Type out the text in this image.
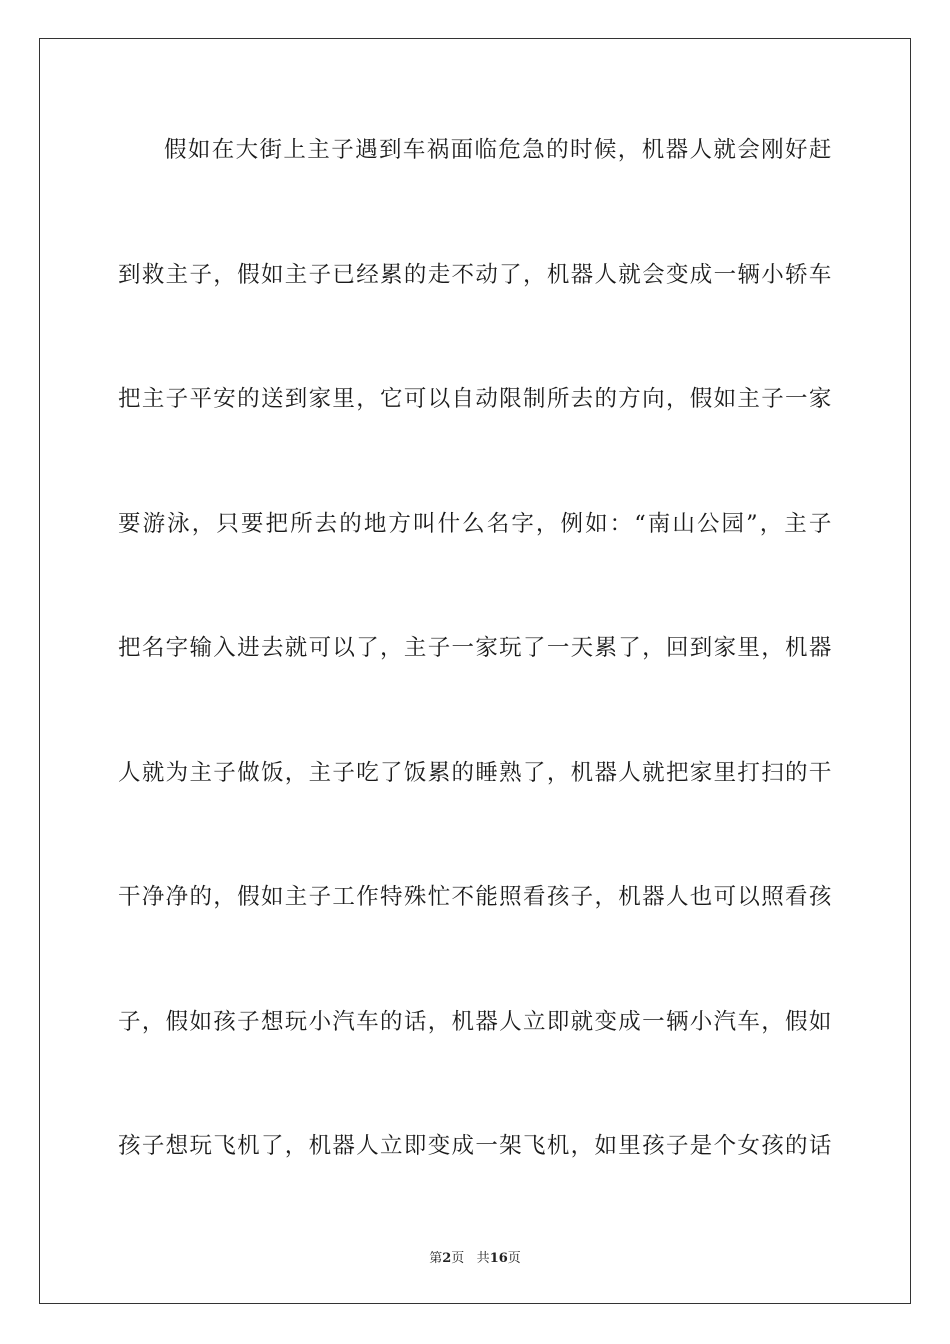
假如在大街上主子遇到车祸面临危急的时候，机器人就会刚好赶
到救主子，假如主子已经累的走不动了，机器人就会变成一辆小轿车
把主子平安的送到家里，它可以自动限制所去的方向，假如主子一家
要游泳，只要把所去的地方叫什么名字，例如：“南山公园”，主子
把名字输入进去就可以了，主子一家玩了一天累了，回到家里，机器
人就为主子做饭，主子吃了饭累的睡熟了，机器人就把家里打扫的干
干净净的，假如主子工作特殊忙不能照看孩子，机器人也可以照看孩
子，假如孩子想玩小汽车的话，机器人立即就变成一辆小汽车，假如
孩子想玩飞机了，机器人立即变成一架飞机，如里孩子是个女孩的话
第2页 共16页
